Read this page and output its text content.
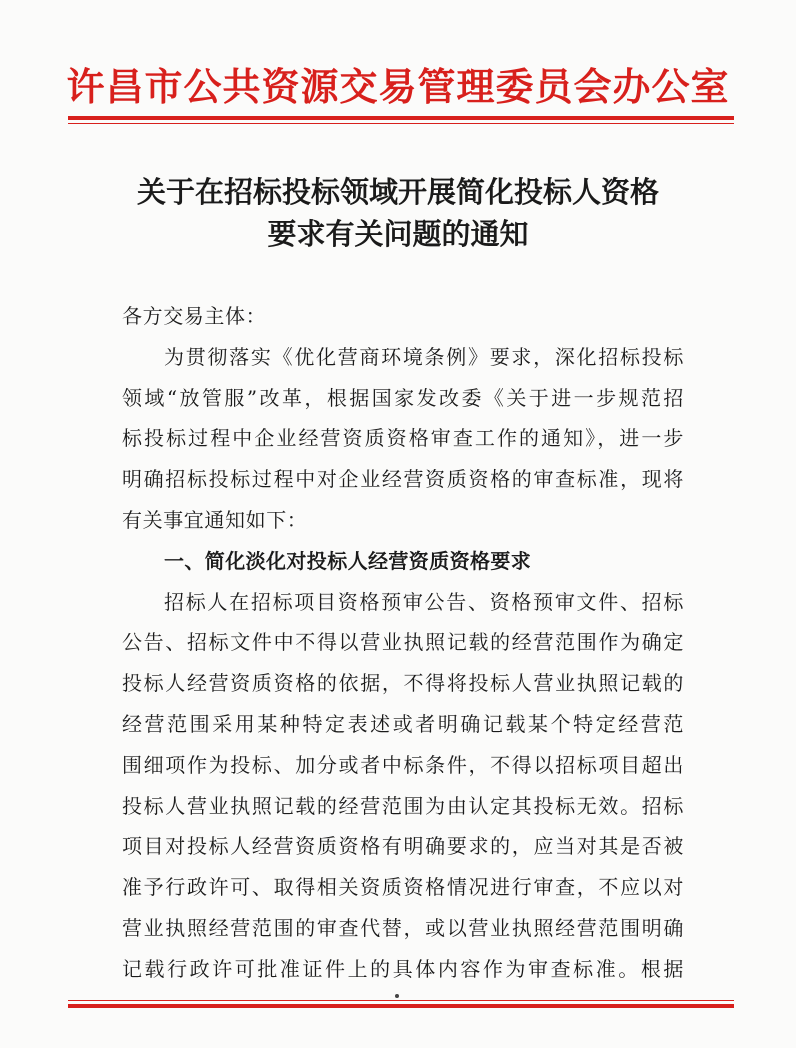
许昌市公共资源交易管理委员会办公室
关于在招标投标领域开展简化投标人资格
要求有关问题的通知
各方交易主体：
为贯彻落实《优化营商环境条例》要求，深化招标投标
领域“放管服”改革，根据国家发改委《关于进一步规范招
标投标过程中企业经营资质资格审查工作的通知》，进一步
明确招标投标过程中对企业经营资质资格的审查标准，现将
有关事宜通知如下：
一、简化淡化对投标人经营资质资格要求
招标人在招标项目资格预审公告、资格预审文件、招标
公告、招标文件中不得以营业执照记载的经营范围作为确定
投标人经营资质资格的依据，不得将投标人营业执照记载的
经营范围采用某种特定表述或者明确记载某个特定经营范
围细项作为投标、加分或者中标条件，不得以招标项目超出
投标人营业执照记载的经营范围为由认定其投标无效。招标
项目对投标人经营资质资格有明确要求的，应当对其是否被
准予行政许可、取得相关资质资格情况进行审查，不应以对
营业执照经营范围的审查代替，或以营业执照经营范围明确
记载行政许可批准证件上的具体内容作为审查标准。根据
